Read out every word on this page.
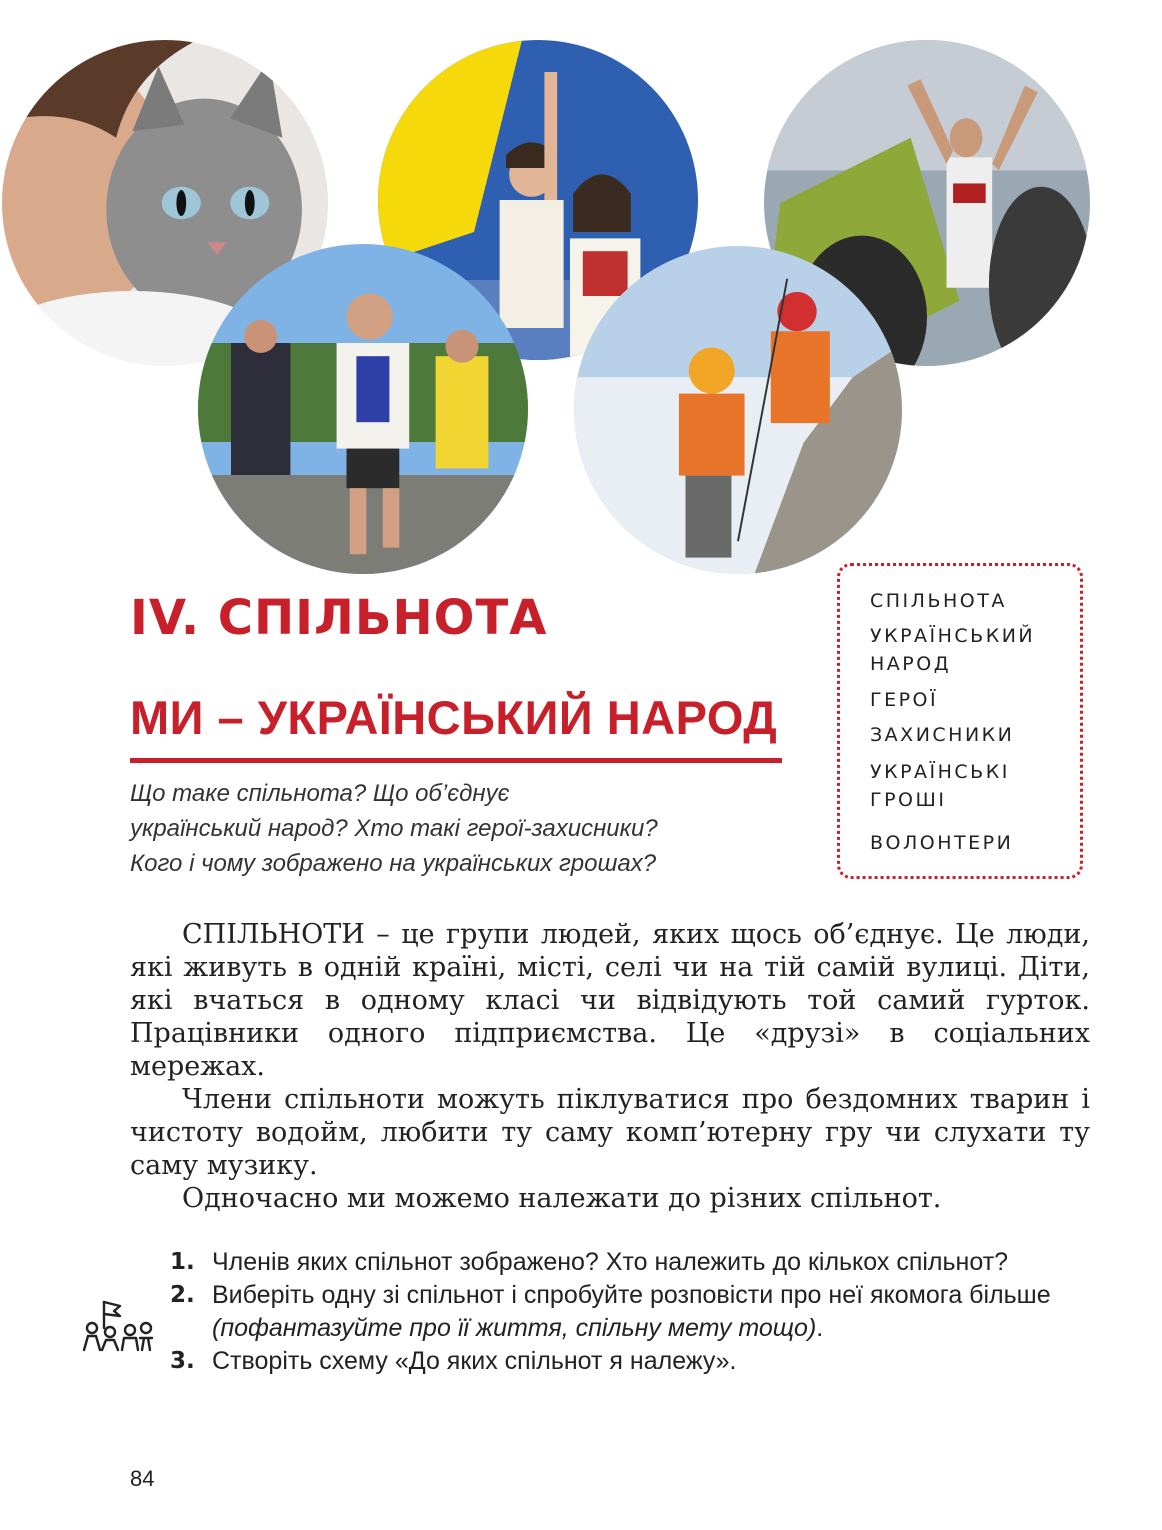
IV. СПІЛЬНОТА
МИ – УКРАЇНСЬКИЙ НАРОД
Що таке спільнота? Що об’єднує
український народ? Хто такі герої-захисники?
Кого і чому зображено на українських грошах?
СПІЛЬНОТА
УКРАЇНСЬКИЙ
НАРОД
ГЕРОЇ
ЗАХИСНИКИ
УКРАЇНСЬКІ
ГРОШІ
ВОЛОНТЕРИ

СПІЛЬНОТИ – це групи людей, яких щось об’єднує. Це люди, які живуть в одній країні, місті, селі чи на тій самій вулиці. Діти, які вчаться в одному класі чи відвідують той самий гурток. Працівники одного підприємства. Це «друзі» в соціальних мережах.

Члени спільноти можуть піклуватися про бездомних тварин і чистоту водойм, любити ту саму комп’ютерну гру чи слухати ту саму музику.

Одночасно ми можемо належати до різних спільнот.

1. Членів яких спільнот зображено? Хто належить до кількох спільнот?
2. Виберіть одну зі спільнот і спробуйте розповісти про неї якомога більше (пофантазуйте про її життя, спільну мету тощо).
3. Створіть схему «До яких спільнот я належу».
84
